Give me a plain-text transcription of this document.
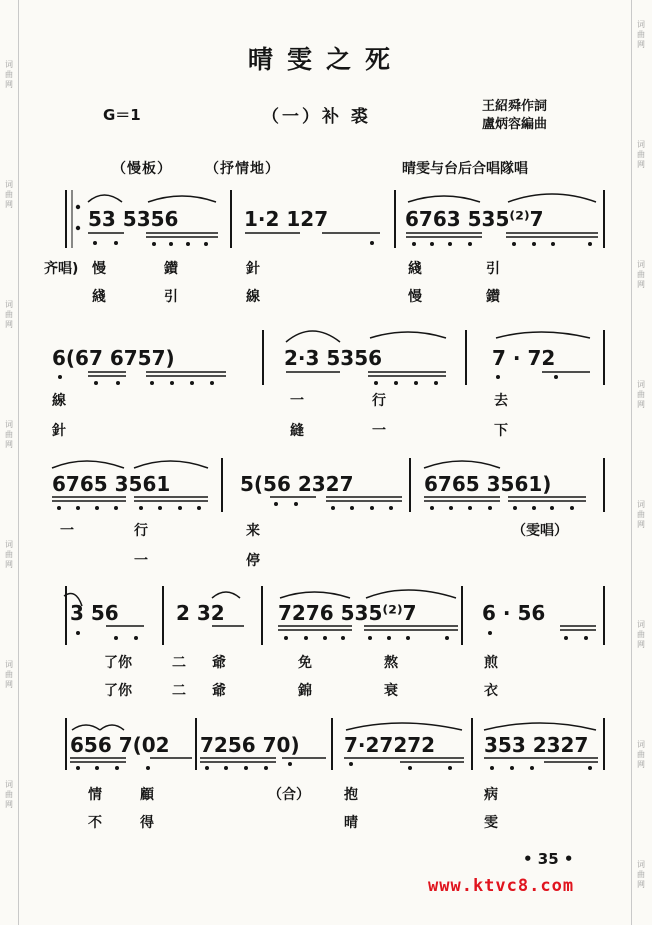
词曲网
词曲网
词曲网
词曲网
词曲网
词曲网
词曲网
词曲网
词曲网
词曲网
词曲网
词曲网
词曲网
词曲网
词曲网
晴雯之死
G＝1	（一）补 裘
王紹舜作詞
盧炳容編曲
（慢板） （抒情地）	晴雯与台后合唱隊唱
53 5356	1·2 127	6763 535⁽²⁾7
6(67 6757)	2·3 5356	7 · 72
6765 3561	5(56 2327	6765 3561)
3 56	2 32	7276 535⁽²⁾7	6 · 56
656 7(02 7256 70) 7·27272 353 2327
齐唱) 慢	鑚	針	綫	引
綫	引	線	慢	鑚
線	一	行	去
針	縫	一	下
一	行	来	（雯唱）
一	停
了你	二 爺	免	熬	煎
了你	二 爺	錦	衰	衣
情	顧	（合） 抱	病
不	得	晴	雯
• 35 •
www.ktvc8.com
